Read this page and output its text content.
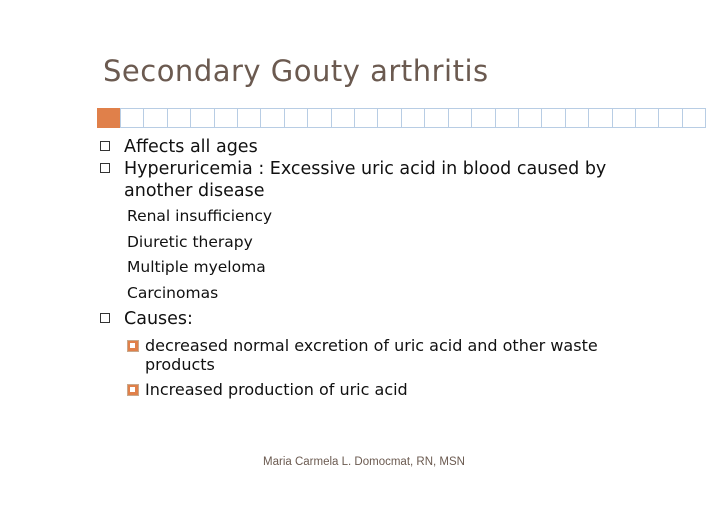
Secondary Gouty arthritis

Affects all ages

Hyperuricemia : Excessive uric acid in blood caused by another disease

Renal insufficiency

Diuretic therapy

Multiple myeloma

Carcinomas

Causes:

decreased normal excretion of uric acid and other waste products

Increased production of uric acid

Maria Carmela L. Domocmat, RN, MSN
